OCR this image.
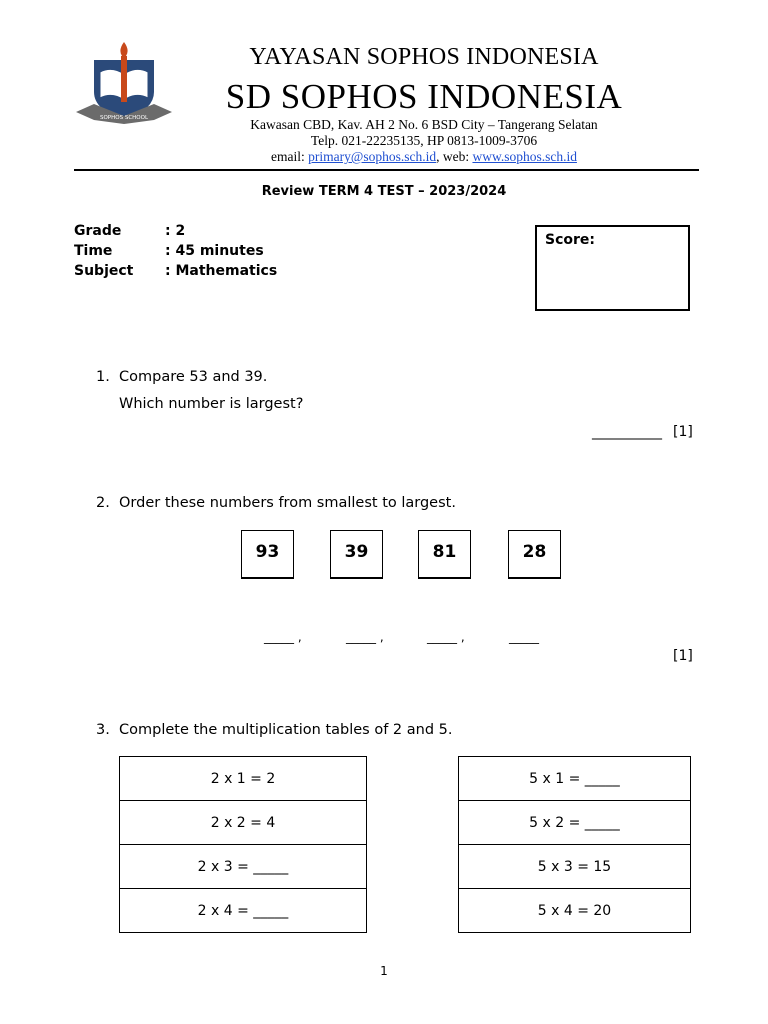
SOPHOS SCHOOL
YAYASAN SOPHOS INDONESIA
SD SOPHOS INDONESIA
Kawasan CBD, Kav. AH 2 No. 6 BSD City – Tangerang Selatan
Telp. 021-22235135, HP 0813-1009-3706
email: primary@sophos.sch.id, web: www.sophos.sch.id
Review TERM 4 TEST – 2023/2024
Grade	: 2
Time	: 45 minutes
Subject : Mathematics
Score:
1. Compare 53 and 39.
Which number is largest?
__________ [1]
2. Order these numbers from smallest to largest.
93	39	81	28
_____ ,	_____ ,	_____ ,	_____
[1]
3. Complete the multiplication tables of 2 and 5.
2 x 1 = 2
2 x 2 = 4
2 x 3 = _____
2 x 4 = _____
5 x 1 = _____
5 x 2 = _____
5 x 3 = 15
5 x 4 = 20
1
